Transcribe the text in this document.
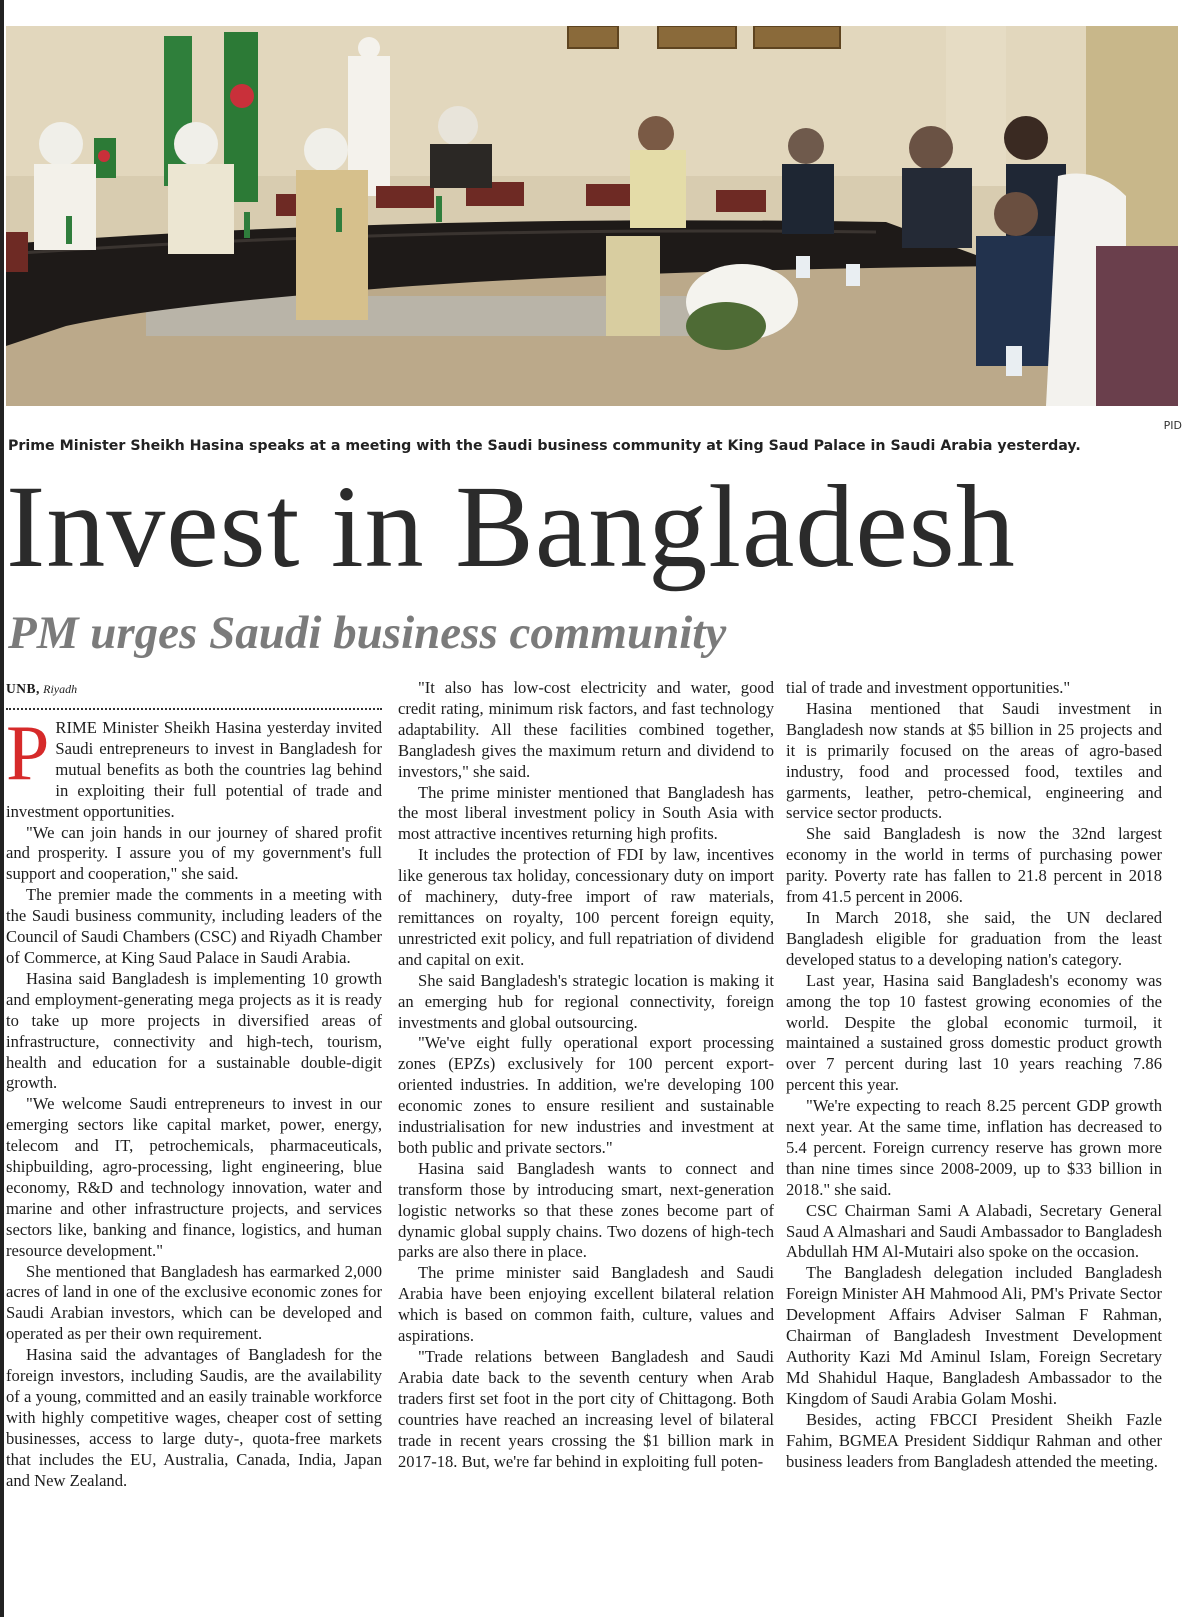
PID
Prime Minister Sheikh Hasina speaks at a meeting with the Saudi business community at King Saud Palace in Saudi Arabia yesterday.
Invest in Bangladesh
PM urges Saudi business community
UNB, Riyadh

PRIME Minister Sheikh Hasina yesterday invited Saudi entrepreneurs to invest in Bangladesh for mutual benefits as both the countries lag behind in exploiting their full potential of trade and investment opportunities.

"We can join hands in our journey of shared profit and prosperity. I assure you of my government's full support and cooperation," she said.

The premier made the comments in a meeting with the Saudi business community, including leaders of the Council of Saudi Chambers (CSC) and Riyadh Chamber of Commerce, at King Saud Palace in Saudi Arabia.

Hasina said Bangladesh is implementing 10 growth and employment-generating mega projects as it is ready to take up more projects in diversified areas of infrastructure, connectivity and high-tech, tourism, health and education for a sustainable double-digit growth.

"We welcome Saudi entrepreneurs to invest in our emerging sectors like capital market, power, energy, telecom and IT, petrochemicals, pharmaceuticals, shipbuilding, agro-processing, light engineering, blue economy, R&D and technology innovation, water and marine and other infrastructure projects, and services sectors like, banking and finance, logistics, and human resource development."

She mentioned that Bangladesh has earmarked 2,000 acres of land in one of the exclusive economic zones for Saudi Arabian investors, which can be developed and operated as per their own requirement.

Hasina said the advantages of Bangladesh for the foreign investors, including Saudis, are the availability of a young, committed and an easily trainable workforce with highly competitive wages, cheaper cost of setting businesses, access to large duty-, quota-free markets that includes the EU, Australia, Canada, India, Japan and New Zealand.

"It also has low-cost electricity and water, good credit rating, minimum risk factors, and fast technology adaptability. All these facilities combined together, Bangladesh gives the maximum return and dividend to investors," she said.

The prime minister mentioned that Bangladesh has the most liberal investment policy in South Asia with most attractive incentives returning high profits.

It includes the protection of FDI by law, incentives like generous tax holiday, concessionary duty on import of machinery, duty-free import of raw materials, remittances on royalty, 100 percent foreign equity, unrestricted exit policy, and full repatriation of dividend and capital on exit.

She said Bangladesh's strategic location is making it an emerging hub for regional connectivity, foreign investments and global outsourcing.

"We've eight fully operational export processing zones (EPZs) exclusively for 100 percent export-oriented industries. In addition, we're developing 100 economic zones to ensure resilient and sustainable industrialisation for new industries and investment at both public and private sectors."

Hasina said Bangladesh wants to connect and transform those by introducing smart, next-generation logistic networks so that these zones become part of dynamic global supply chains. Two dozens of high-tech parks are also there in place.

The prime minister said Bangladesh and Saudi Arabia have been enjoying excellent bilateral relation which is based on common faith, culture, values and aspirations.

"Trade relations between Bangladesh and Saudi Arabia date back to the seventh century when Arab traders first set foot in the port city of Chittagong. Both countries have reached an increasing level of bilateral trade in recent years crossing the $1 billion mark in 2017-18. But, we're far behind in exploiting full poten-

tial of trade and investment opportunities."

Hasina mentioned that Saudi investment in Bangladesh now stands at $5 billion in 25 projects and it is primarily focused on the areas of agro-based industry, food and processed food, textiles and garments, leather, petro-chemical, engineering and service sector products.

She said Bangladesh is now the 32nd largest economy in the world in terms of purchasing power parity. Poverty rate has fallen to 21.8 percent in 2018 from 41.5 percent in 2006.

In March 2018, she said, the UN declared Bangladesh eligible for graduation from the least developed status to a developing nation's category.

Last year, Hasina said Bangladesh's economy was among the top 10 fastest growing economies of the world. Despite the global economic turmoil, it maintained a sustained gross domestic product growth over 7 percent during last 10 years reaching 7.86 percent this year.

"We're expecting to reach 8.25 percent GDP growth next year. At the same time, inflation has decreased to 5.4 percent. Foreign currency reserve has grown more than nine times since 2008-2009, up to $33 billion in 2018." she said.

CSC Chairman Sami A Alabadi, Secretary General Saud A Almashari and Saudi Ambassador to Bangladesh Abdullah HM Al-Mutairi also spoke on the occasion.

The Bangladesh delegation included Bangladesh Foreign Minister AH Mahmood Ali, PM's Private Sector Development Affairs Adviser Salman F Rahman, Chairman of Bangladesh Investment Development Authority Kazi Md Aminul Islam, Foreign Secretary Md Shahidul Haque, Bangladesh Ambassador to the Kingdom of Saudi Arabia Golam Moshi.

Besides, acting FBCCI President Sheikh Fazle Fahim, BGMEA President Siddiqur Rahman and other business leaders from Bangladesh attended the meeting.
